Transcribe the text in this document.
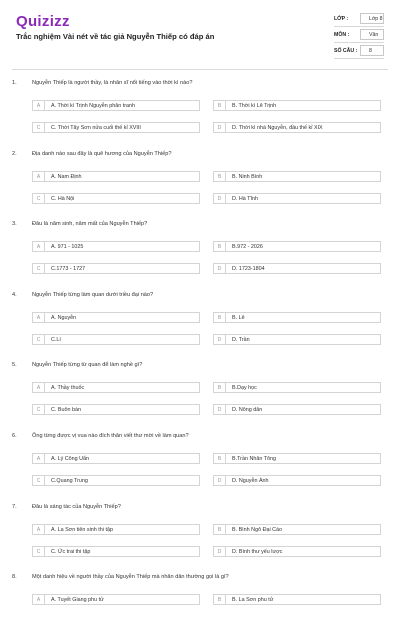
Quizizz
Trắc nghiệm Vài nét về tác giả Nguyễn Thiếp có đáp án
LỚP :	Lớp 8
MÔN :	Văn
SỐ CÂU :	8
1.	Nguyễn Thiếp là người thầy, là nhân sĩ nổi tiếng vào thời kì nào?
A	A. Thời kì Trịnh Nguyễn phân tranh	B	B. Thời kì Lê Trịnh
C	C. Thời Tây Sơn nửa cuối thế kỉ XVIII	D	D. Thời kì nhà Nguyễn, đầu thế kỉ XIX
2.	Địa danh nào sau đây là quê hương của Nguyễn Thiếp?
A	A. Nam Định	B	B. Ninh Bình
C	C. Hà Nội	D	D. Hà Tĩnh
3.	Đâu là năm sinh, năm mất của Nguyễn Thiếp?
A	A. 971 - 1025	B	B.972 - 2026
C	C.1773 - 1727	D	D. 1723-1804
4.	Nguyễn Thiếp từng làm quan dưới triều đại nào?
A	A. Nguyễn	B	B. Lê
C	C.Lí	D	D. Trần
5.	Nguyễn Thiếp từng từ quan để làm nghề gì?
A	A. Thầy thuốc	B	B.Dạy học
C	C. Buôn bán	D	D. Nông dân
6.	Ông từng được vị vua nào đích thân viết thư mời về làm quan?
A	A. Lý Công Uẩn	B	B.Trần Nhân Tông
C	C.Quang Trung	D	D. Nguyễn Ánh
7.	Đâu là sáng tác của Nguyễn Thiếp?
A	A. La Sơn tiên sinh thi tập	B	B. Bình Ngô Đại Cáo
C	C. Ức trai thi tập	D	D. Bình thư yếu lược
8.	Một danh hiệu về người thầy của Nguyễn Thiếp mà nhân dân thường gọi là gì?
A	A. Tuyết Giang phu tử	B	B. La Sơn phu tử
